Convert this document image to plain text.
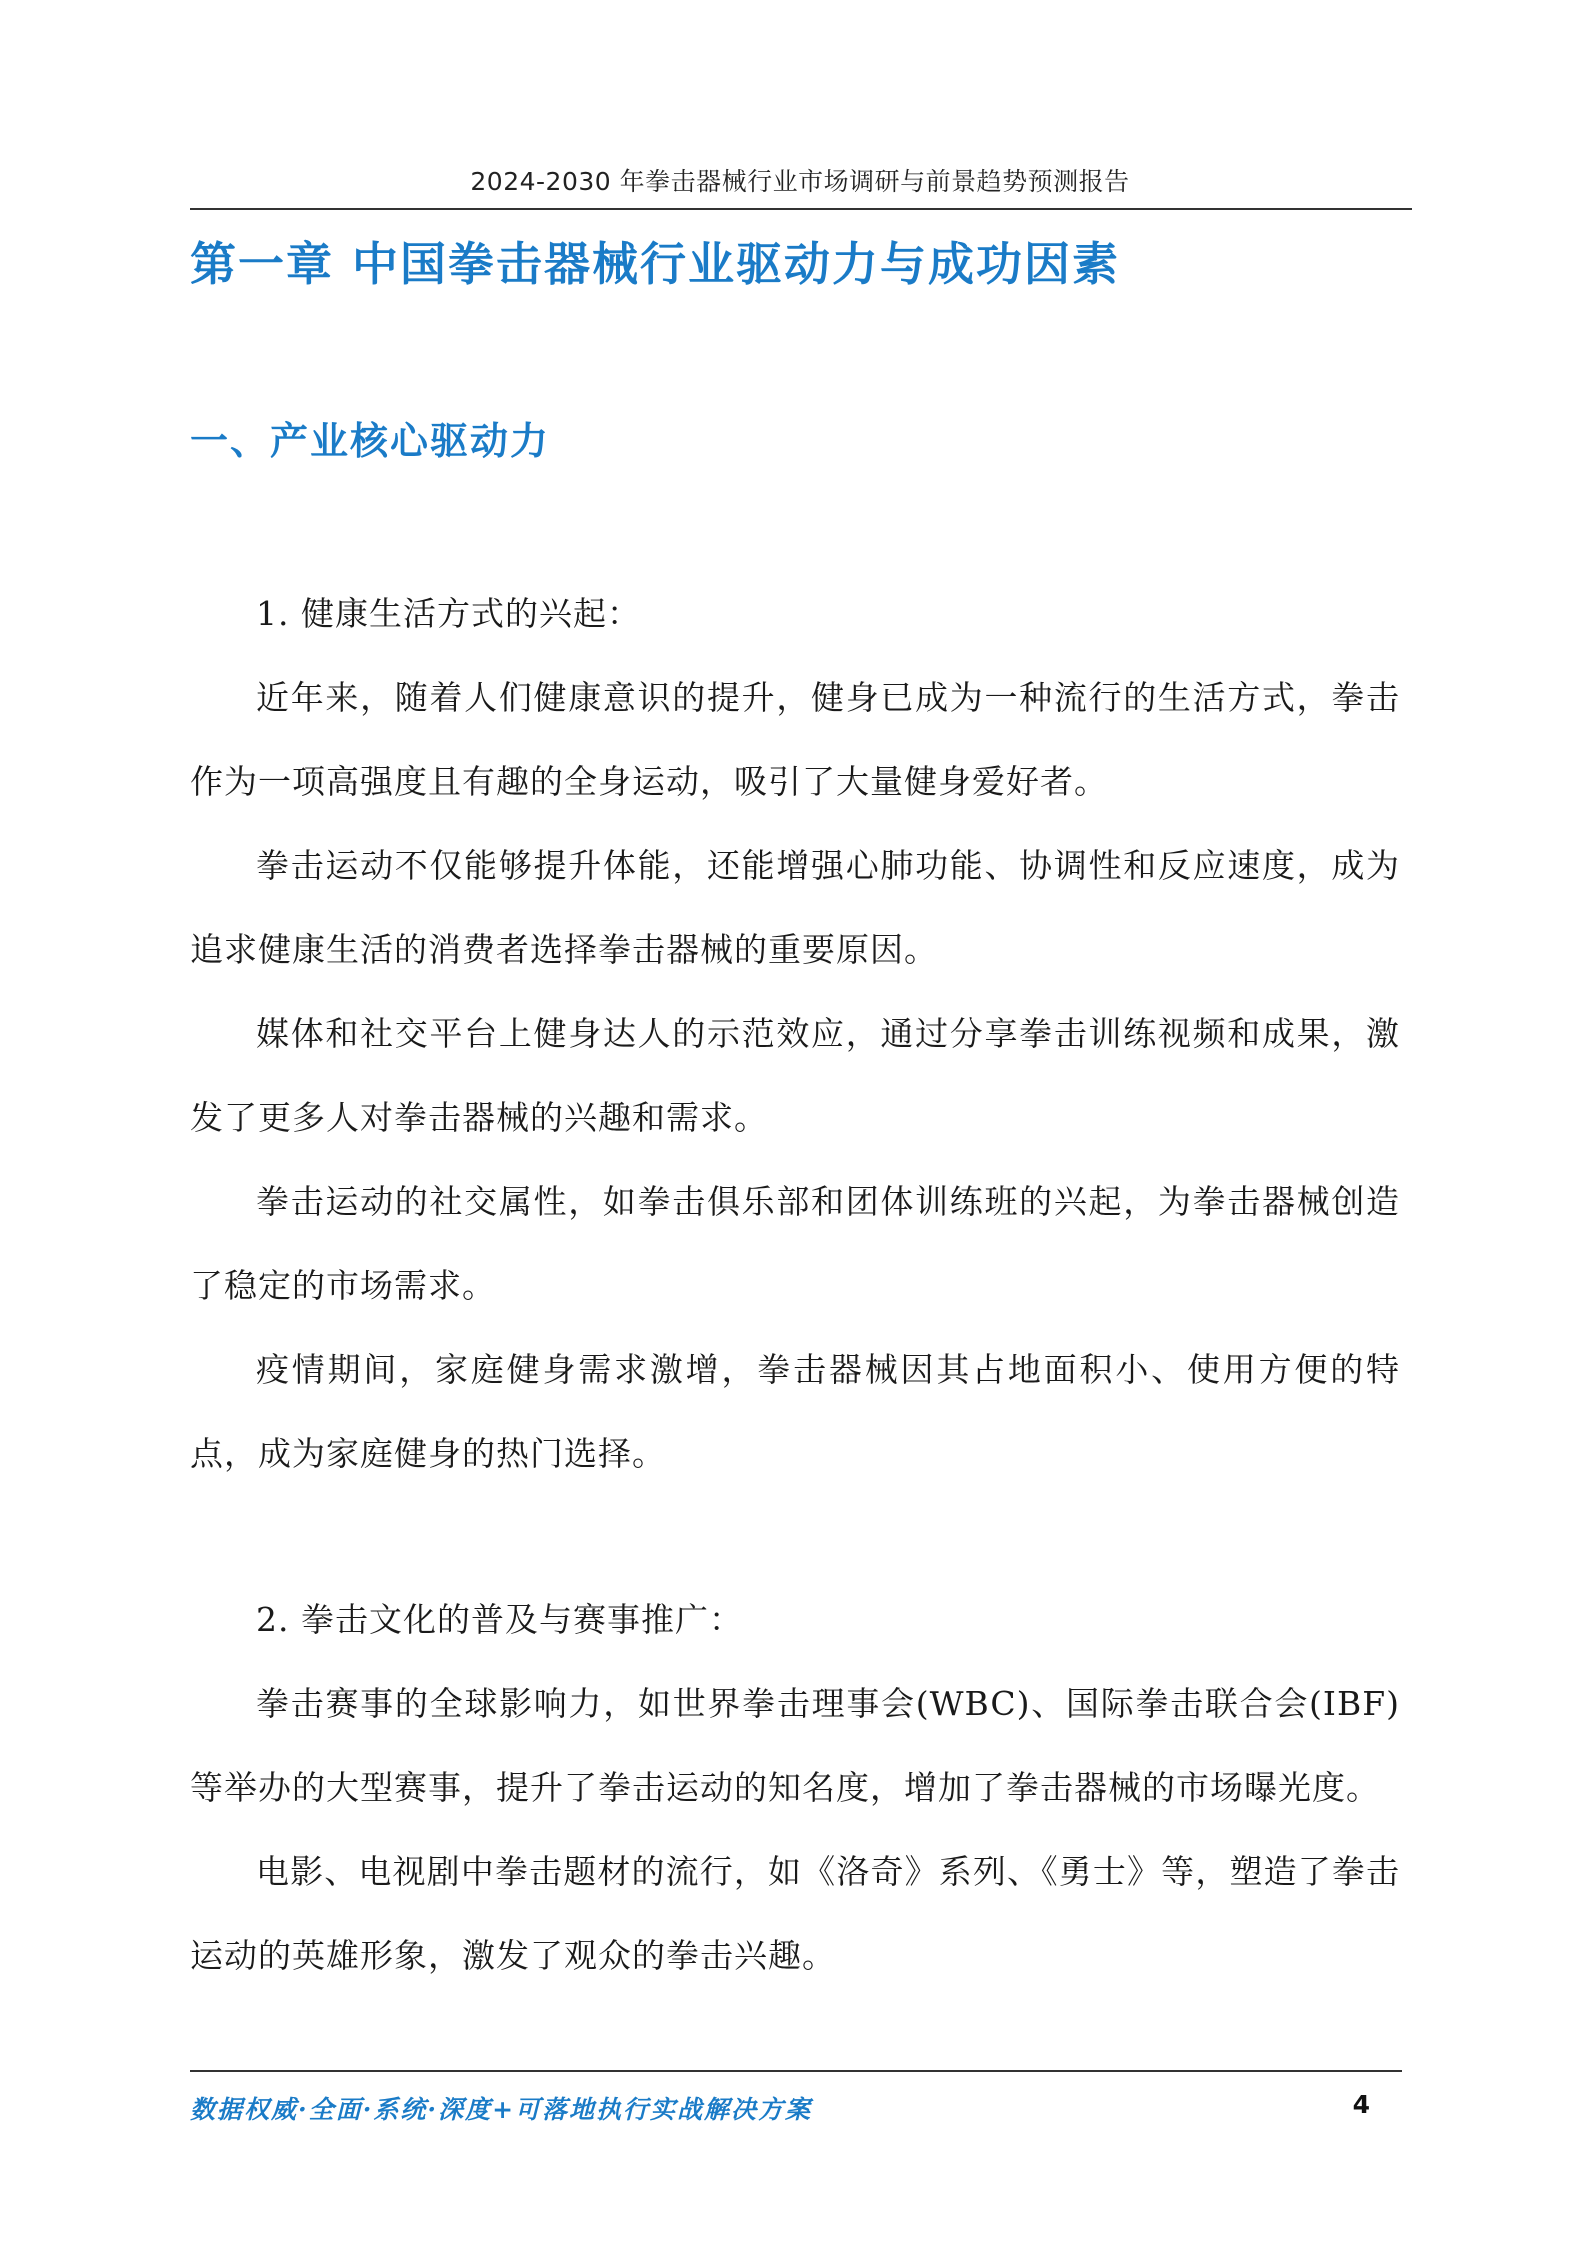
2024-2030 年拳击器械行业市场调研与前景趋势预测报告
第一章 中国拳击器械行业驱动力与成功因素
一、产业核心驱动力

1. 健康生活方式的兴起：

近年来，随着人们健康意识的提升，健身已成为一种流行的生活方式，拳击作为一项高强度且有趣的全身运动，吸引了大量健身爱好者。

拳击运动不仅能够提升体能，还能增强心肺功能、协调性和反应速度，成为追求健康生活的消费者选择拳击器械的重要原因。

媒体和社交平台上健身达人的示范效应，通过分享拳击训练视频和成果，激发了更多人对拳击器械的兴趣和需求。

拳击运动的社交属性，如拳击俱乐部和团体训练班的兴起，为拳击器械创造了稳定的市场需求。

疫情期间，家庭健身需求激增，拳击器械因其占地面积小、使用方便的特点，成为家庭健身的热门选择。

2. 拳击文化的普及与赛事推广：

拳击赛事的全球影响力，如世界拳击理事会(WBC)、国际拳击联合会(IBF)等举办的大型赛事，提升了拳击运动的知名度，增加了拳击器械的市场曝光度。

电影、电视剧中拳击题材的流行，如《洛奇》系列、《勇士》等，塑造了拳击运动的英雄形象，激发了观众的拳击兴趣。

数据权威·全面·系统·深度+可落地执行实战解决方案	4
